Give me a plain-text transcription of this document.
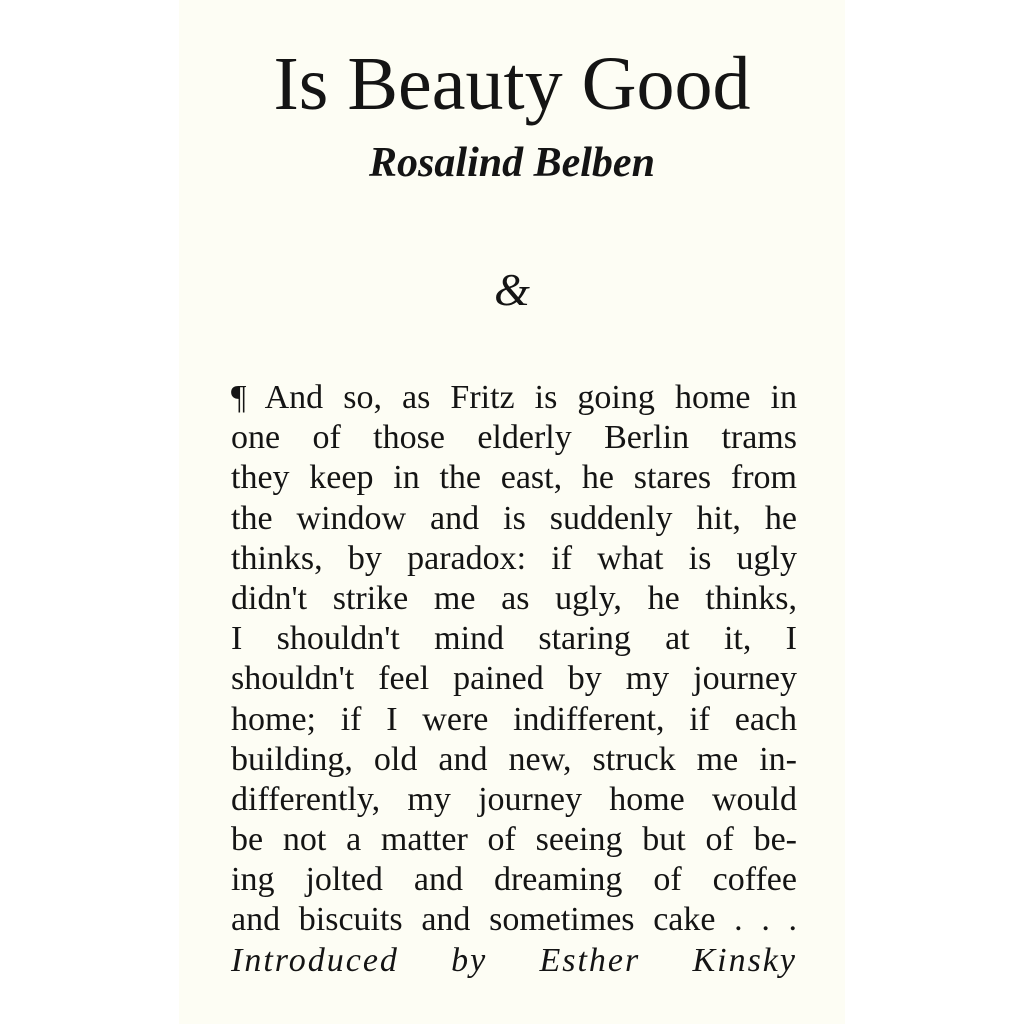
Is Beauty Good
Rosalind Belben
&
¶ And so, as Fritz is going home in
one of those elderly Berlin trams
they keep in the east, he stares from
the window and is suddenly hit, he
thinks, by paradox: if what is ugly
didn't strike me as ugly, he thinks,
I shouldn't mind staring at it, I
shouldn't feel pained by my journey
home; if I were indifferent, if each
building, old and new, struck me in-
differently, my journey home would
be not a matter of seeing but of be-
ing jolted and dreaming of coffee
and biscuits and sometimes cake . . .
Introduced by Esther Kinsky
